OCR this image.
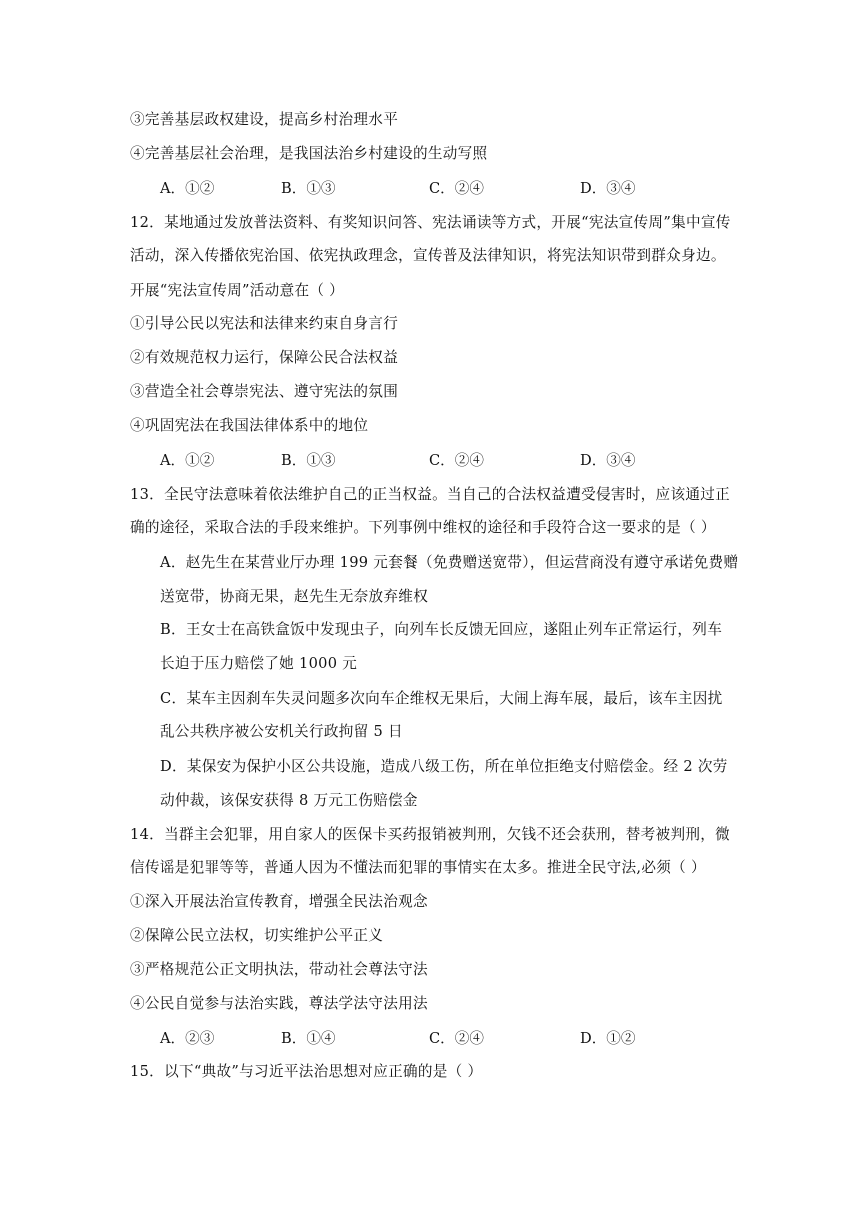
③完善基层政权建设，提高乡村治理水平
④完善基层社会治理，是我国法治乡村建设的生动写照
A．①②	B．①③	C．②④	D．③④
12．某地通过发放普法资料、有奖知识问答、宪法诵读等方式，开展“宪法宣传周”集中宣传
活动，深入传播依宪治国、依宪执政理念，宣传普及法律知识，将宪法知识带到群众身边。
开展“宪法宣传周”活动意在（ ）
①引导公民以宪法和法律来约束自身言行
②有效规范权力运行，保障公民合法权益
③营造全社会尊崇宪法、遵守宪法的氛围
④巩固宪法在我国法律体系中的地位
A．①②	B．①③	C．②④	D．③④
13．全民守法意味着依法维护自己的正当权益。当自己的合法权益遭受侵害时，应该通过正
确的途径，采取合法的手段来维护。下列事例中维权的途径和手段符合这一要求的是（ ）
A．赵先生在某营业厅办理 199 元套餐（免费赠送宽带），但运营商没有遵守承诺免费赠
送宽带，协商无果，赵先生无奈放弃维权
B．王女士在高铁盒饭中发现虫子，向列车长反馈无回应，遂阻止列车正常运行，列车
长迫于压力赔偿了她 1000 元
C．某车主因刹车失灵问题多次向车企维权无果后，大闹上海车展，最后，该车主因扰
乱公共秩序被公安机关行政拘留 5 日
D．某保安为保护小区公共设施，造成八级工伤，所在单位拒绝支付赔偿金。经 2 次劳
动仲裁，该保安获得 8 万元工伤赔偿金
14．当群主会犯罪，用自家人的医保卡买药报销被判刑，欠钱不还会获刑，替考被判刑，微
信传谣是犯罪等等，普通人因为不懂法而犯罪的事情实在太多。推进全民守法,必须（ ）
①深入开展法治宣传教育，增强全民法治观念
②保障公民立法权，切实维护公平正义
③严格规范公正文明执法，带动社会尊法守法
④公民自觉参与法治实践，尊法学法守法用法
A．②③	B．①④	C．②④	D．①②
15．以下“典故”与习近平法治思想对应正确的是（ ）
